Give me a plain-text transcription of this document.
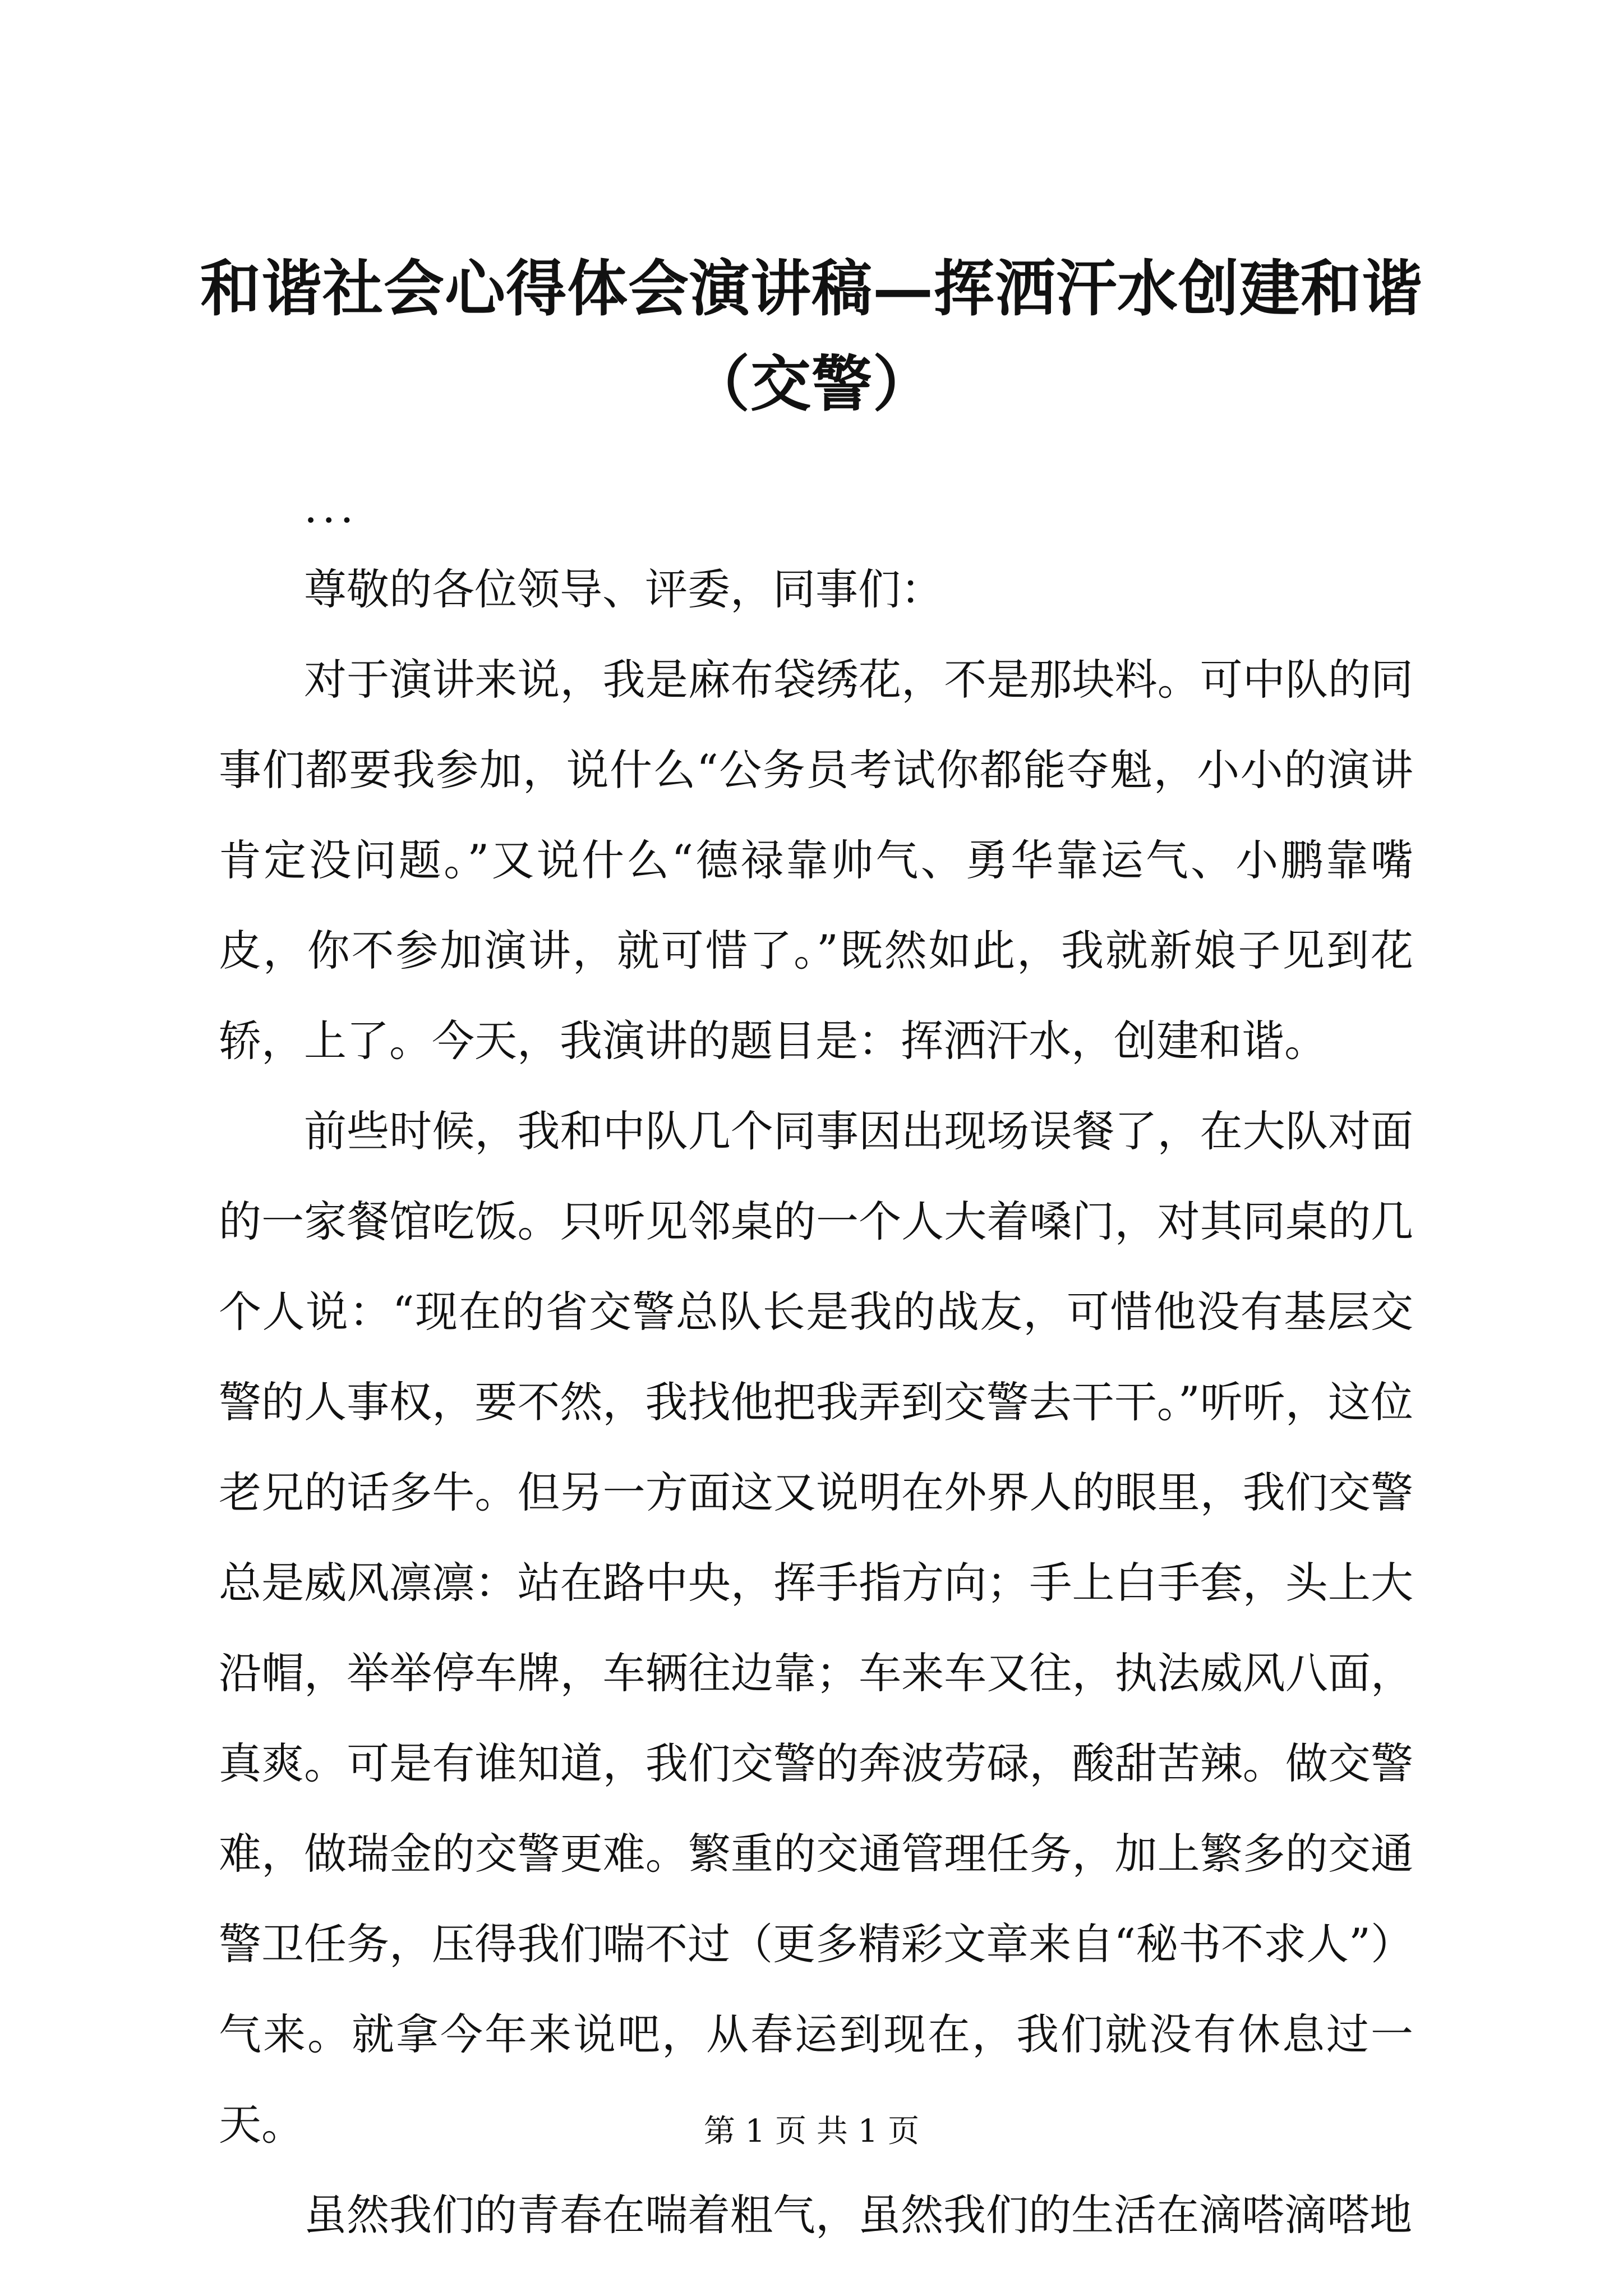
和谐社会心得体会演讲稿—挥洒汗水创建和谐
（交警）

...

尊敬的各位领导、评委，同事们：

对于演讲来说，我是麻布袋绣花，不是那块料。可中队的同事们都要我参加，说什么“公务员考试你都能夺魁，小小的演讲肯定没问题。”又说什么“德禄靠帅气、勇华靠运气、小鹏靠嘴皮，你不参加演讲，就可惜了。”既然如此，我就新娘子见到花轿，上了。今天，我演讲的题目是：挥洒汗水，创建和谐。

前些时候，我和中队几个同事因出现场误餐了，在大队对面的一家餐馆吃饭。只听见邻桌的一个人大着嗓门，对其同桌的几个人说：“现在的省交警总队长是我的战友，可惜他没有基层交警的人事权，要不然，我找他把我弄到交警去干干。”听听，这位老兄的话多牛。但另一方面这又说明在外界人的眼里，我们交警总是威风凛凛：站在路中央，挥手指方向；手上白手套，头上大沿帽，举举停车牌，车辆往边靠；车来车又往，执法威风八面，真爽。可是有谁知道，我们交警的奔波劳碌，酸甜苦辣。做交警难，做瑞金的交警更难。繁重的交通管理任务，加上繁多的交通警卫任务，压得我们喘不过（更多精彩文章来自“秘书不求人”）气来。就拿今年来说吧，从春运到现在，我们就没有休息过一天。

虽然我们的青春在喘着粗气，虽然我们的生活在滴嗒滴嗒地

第 1 页 共 1 页
